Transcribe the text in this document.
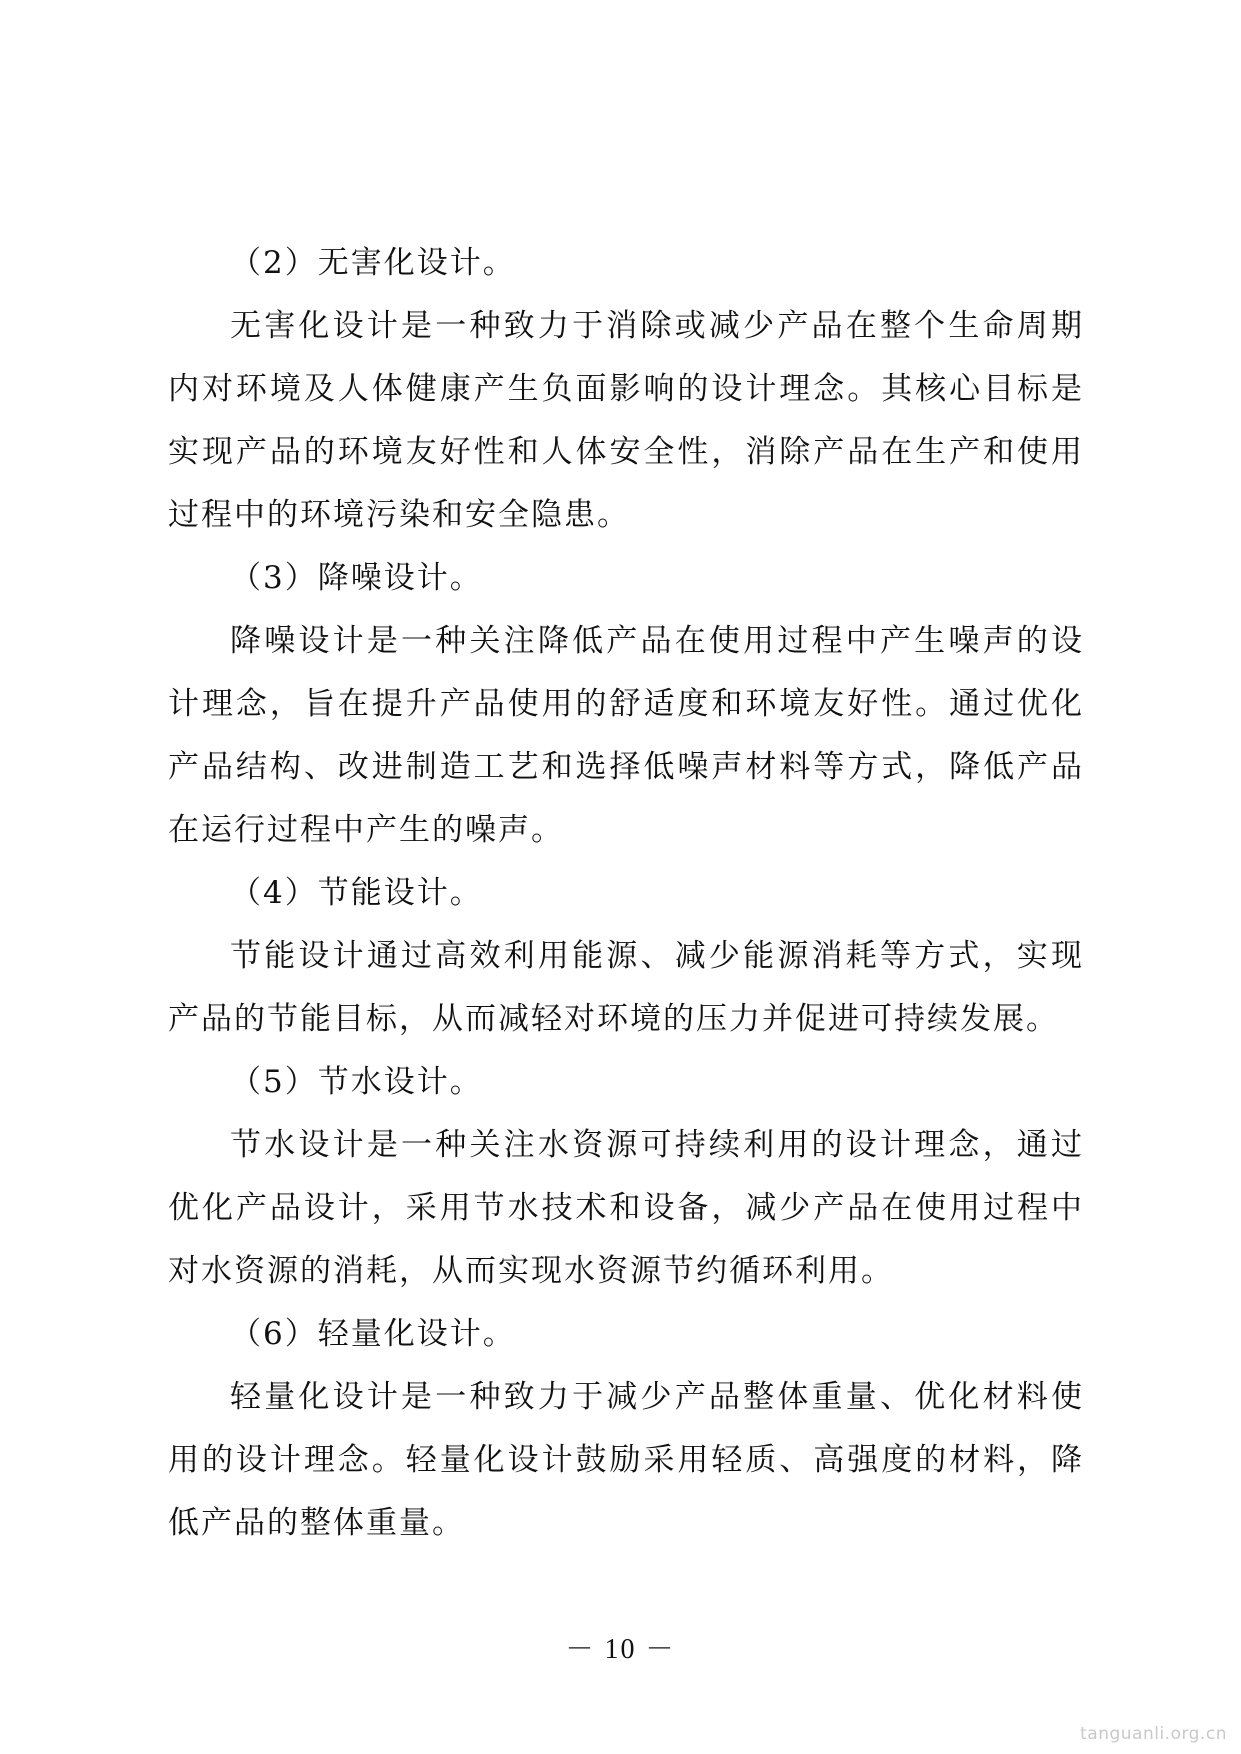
（2）无害化设计。

无害化设计是一种致力于消除或减少产品在整个生命周期内对环境及人体健康产生负面影响的设计理念。其核心目标是实现产品的环境友好性和人体安全性，消除产品在生产和使用过程中的环境污染和安全隐患。

（3）降噪设计。

降噪设计是一种关注降低产品在使用过程中产生噪声的设计理念，旨在提升产品使用的舒适度和环境友好性。通过优化产品结构、改进制造工艺和选择低噪声材料等方式，降低产品在运行过程中产生的噪声。

（4）节能设计。

节能设计通过高效利用能源、减少能源消耗等方式，实现产品的节能目标，从而减轻对环境的压力并促进可持续发展。

（5）节水设计。

节水设计是一种关注水资源可持续利用的设计理念，通过优化产品设计，采用节水技术和设备，减少产品在使用过程中对水资源的消耗，从而实现水资源节约循环利用。

（6）轻量化设计。

轻量化设计是一种致力于减少产品整体重量、优化材料使用的设计理念。轻量化设计鼓励采用轻质、高强度的材料，降低产品的整体重量。

－ 10 －
tanguanli.org.cn
